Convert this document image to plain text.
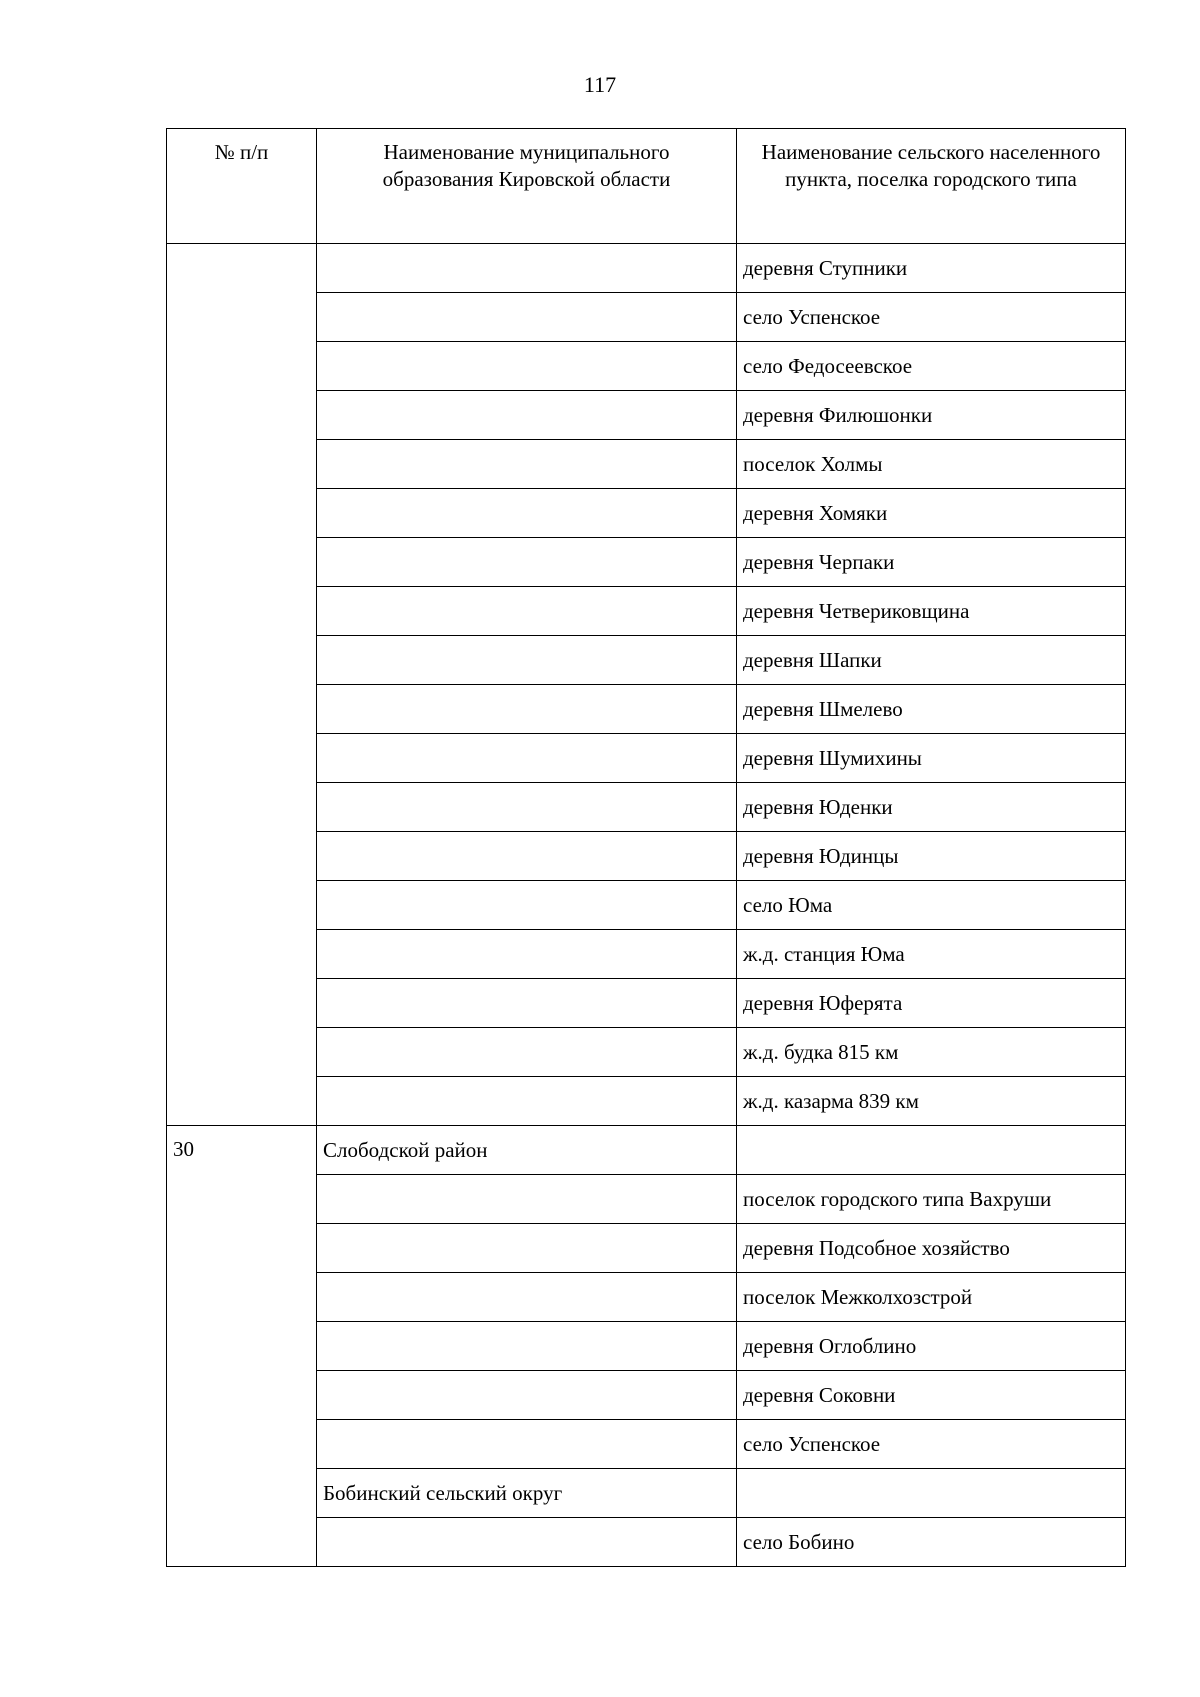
117
№ п/п	Наименование муниципального образования Кировской области	Наименование сельского населенного пункта, поселка городского типа
		деревня Ступники
		село Успенское
		село Федосеевское
		деревня Филюшонки
		поселок Холмы
		деревня Хомяки
		деревня Черпаки
		деревня Четвериковщина
		деревня Шапки
		деревня Шмелево
		деревня Шумихины
		деревня Юденки
		деревня Юдинцы
		село Юма
		ж.д. станция Юма
		деревня Юферята
		ж.д. будка 815 км
		ж.д. казарма 839 км
30	Слободской район	
		поселок городского типа Вахруши
		деревня Подсобное хозяйство
		поселок Межколхозстрой
		деревня Оглоблино
		деревня Соковни
		село Успенское
	Бобинский сельский округ	
		село Бобино
